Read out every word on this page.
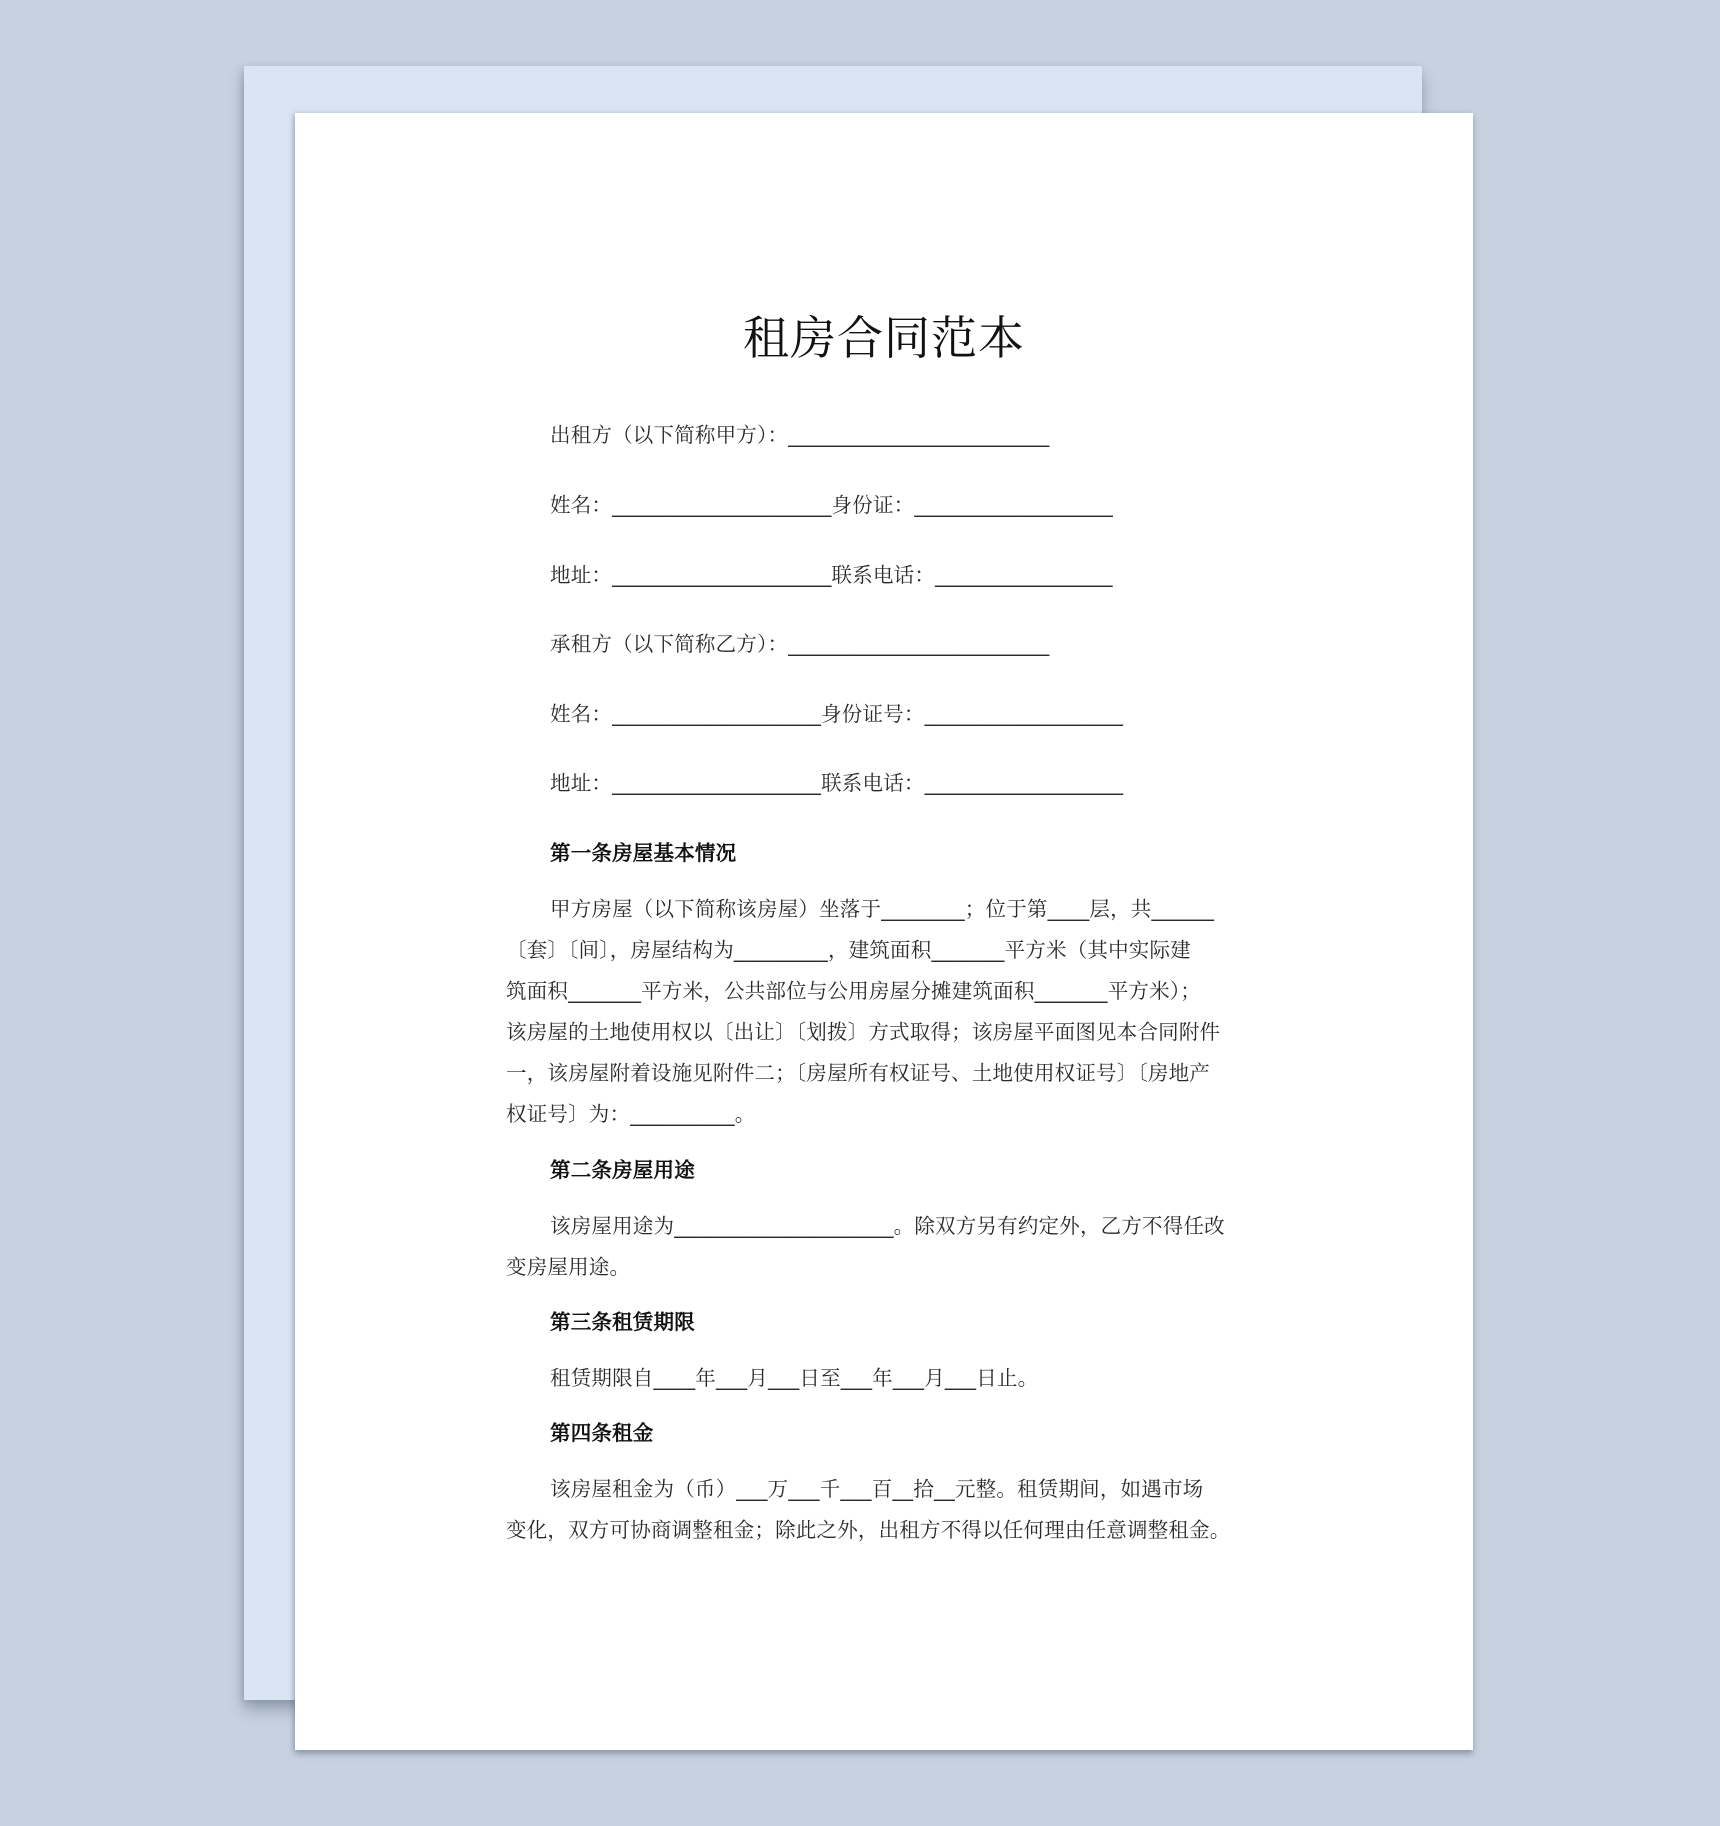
租房合同范本
出租方（以下简称甲方）：_________________________
姓名：_____________________身份证：___________________
地址：_____________________联系电话：_________________
承租方（以下简称乙方）：_________________________
姓名：____________________身份证号：___________________
地址：____________________联系电话：___________________
第一条房屋基本情况
甲方房屋（以下简称该房屋）坐落于________；位于第____层，共______
〔套〕〔间〕，房屋结构为_________，建筑面积_______平方米（其中实际建
筑面积_______平方米，公共部位与公用房屋分摊建筑面积_______平方米）；
该房屋的土地使用权以〔出让〕〔划拨〕方式取得；该房屋平面图见本合同附件
一，该房屋附着设施见附件二；〔房屋所有权证号、土地使用权证号〕〔房地产
权证号〕为：__________。
第二条房屋用途
该房屋用途为_____________________。除双方另有约定外，乙方不得任改
变房屋用途。
第三条租赁期限
租赁期限自____年___月___日至___年___月___日止。
第四条租金
该房屋租金为（币）___万___千___百__拾__元整。租赁期间，如遇市场
变化，双方可协商调整租金；除此之外，出租方不得以任何理由任意调整租金。
